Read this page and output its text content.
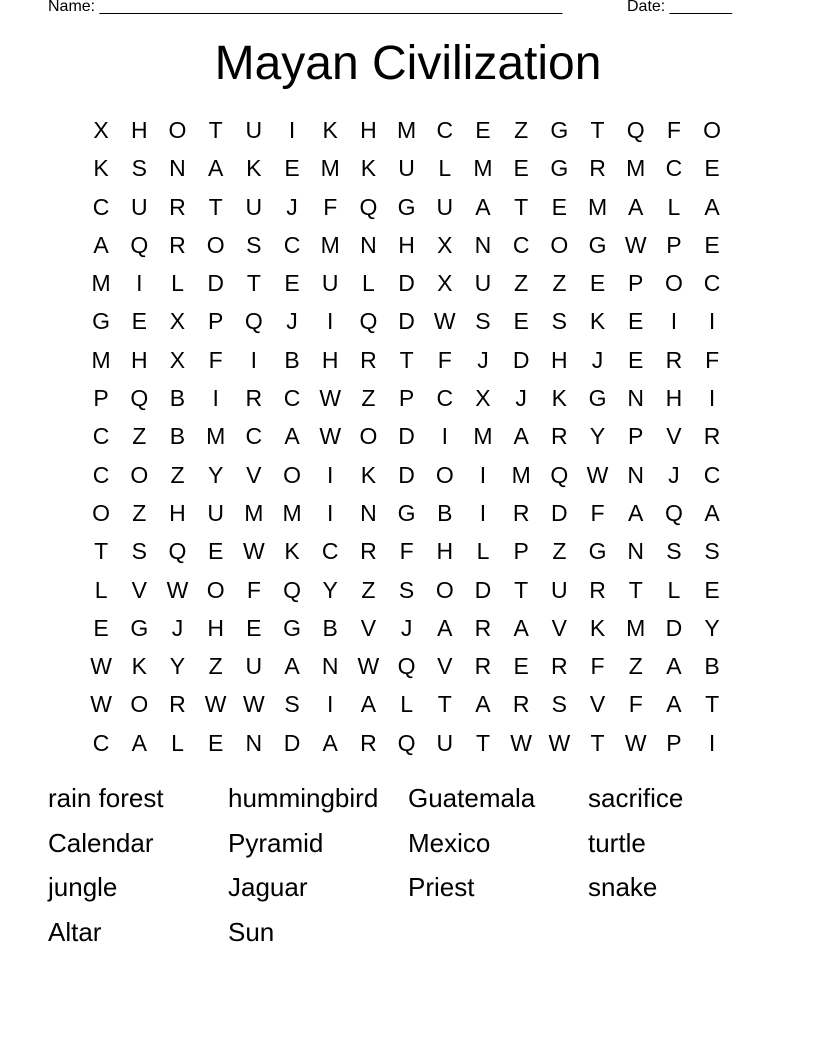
Name: ____________________________________________________	Date: _______
Mayan Civilization
X H O T U	I	K H M C E	Z G T Q F O
K S N A K E M K U	L M E G R M C E
C U R T U	J	F Q G U A	T	E M A	L	A
A Q R O S C M N H X N C O G W P E
M	I	L	D T	E U	L	D X U Z	Z	E P O C
G E X P Q	J	I	Q D W S E S K E	I	I
M H X	F	I	B H R T	F	J	D H	J	E R F
P Q B	I	R C W Z	P C X	J	K G N H	I
C Z	B M C A W O D	I	M A R Y P V R
C O Z	Y V O	I	K D O	I	M Q W N	J	C
O Z H U M M	I	N G B	I	R D F	A Q A
T	S Q E W K C R F H	L	P	Z G N S S
L	V W O F Q Y	Z	S O D T U R T	L	E
E G	J	H E G B V	J	A R A V K M D Y
W K Y	Z U A N W Q V R E R F	Z	A B
W O R W W S	I	A	L	T	A R S V	F	A	T
C A	L	E N D A R Q U T W W T W P	I
rain forest	hummingbird	Guatemala	sacrifice
Calendar	Pyramid	Mexico	turtle
jungle	Jaguar	Priest	snake
Altar	Sun
